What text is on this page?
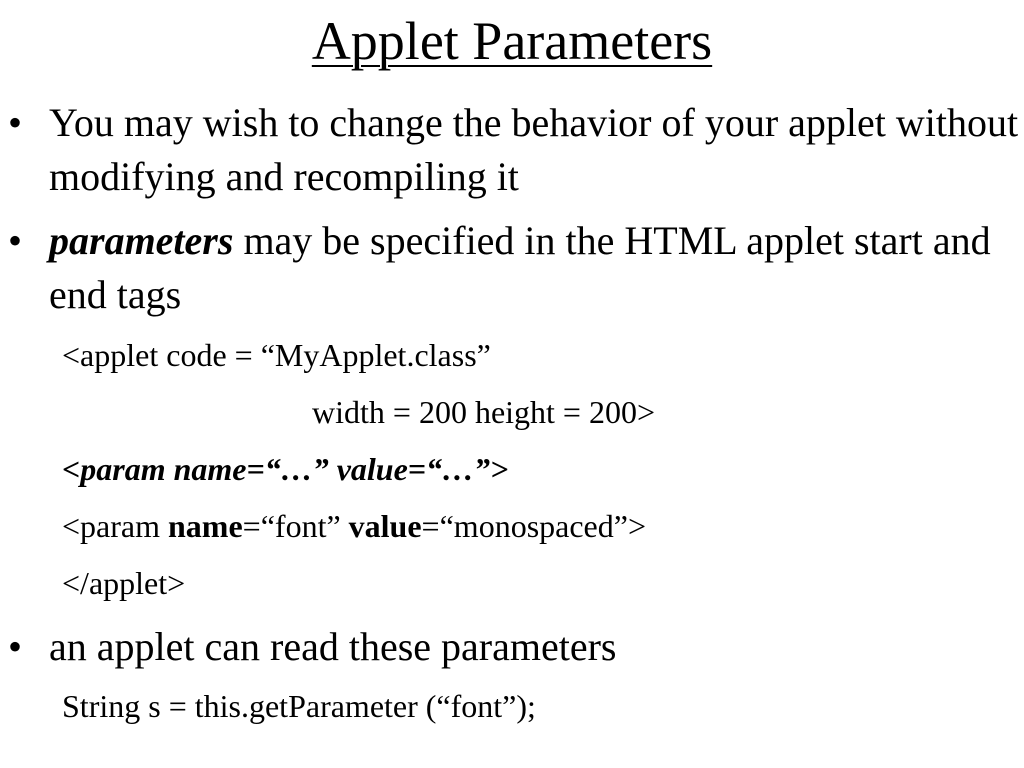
Applet Parameters
• You may wish to change the behavior of your applet without modifying and recompiling it
• parameters may be specified in the HTML applet start and end tags
<applet code = “MyApplet.class”
width = 200 height = 200>
<param name=“…” value=“…”>
<param name=“font” value=“monospaced”>
</applet>
• an applet can read these parameters
String s = this.getParameter (“font”);
